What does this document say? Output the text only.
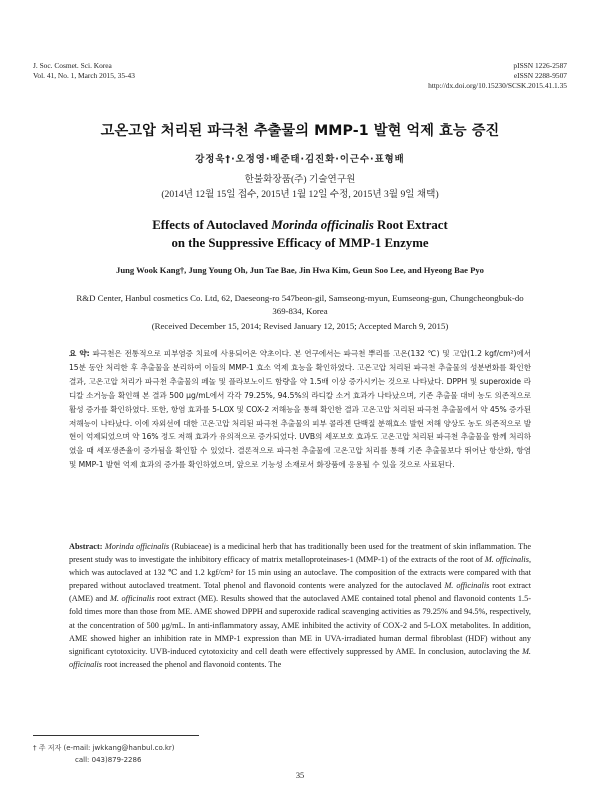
J. Soc. Cosmet. Sci. Korea
Vol. 41, No. 1, March 2015, 35-43
pISSN 1226-2587
eISSN 2288-9507
http://dx.doi.org/10.15230/SCSK.2015.41.1.35
고온고압 처리된 파극천 추출물의 MMP-1 발현 억제 효능 증진
강정욱†·오정영·배준태·김진화·이근수·표형배
한불화장품(주) 기술연구원
(2014년 12월 15일 접수, 2015년 1월 12일 수정, 2015년 3월 9일 채택)
Effects of Autoclaved Morinda officinalis Root Extract
on the Suppressive Efficacy of MMP-1 Enzyme
Jung Wook Kang†, Jung Young Oh, Jun Tae Bae, Jin Hwa Kim, Geun Soo Lee, and Hyeong Bae Pyo
R&D Center, Hanbul cosmetics Co. Ltd, 62, Daeseong-ro 547beon-gil, Samseong-myun, Eumseong-gun, Chungcheongbuk-do
369-834, Korea
(Received December 15, 2014; Revised January 12, 2015; Accepted March 9, 2015)
요 약: 파극천은 전통적으로 피부염증 치료에 사용되어온 약초이다. 본 연구에서는 파극천 뿌리를 고온(132 ℃) 및 고압(1.2 kgf/cm²)에서 15분 동안 처리한 후 추출물을 분리하여 이들의 MMP-1 효소 억제 효능을 확인하였다. 고온고압 처리된 파극천 추출물의 성분변화를 확인한 결과, 고온고압 처리가 파극천 추출물의 페놀 및 플라보노이드 함량을 약 1.5배 이상 증가시키는 것으로 나타났다. DPPH 및 superoxide 라디칼 소거능을 확인해 본 결과 500 μg/mL에서 각각 79.25%, 94.5%의 라디칼 소거 효과가 나타났으며, 기존 추출물 대비 농도 의존적으로 활성 증가를 확인하였다. 또한, 항염 효과를 5-LOX 및 COX-2 저해능을 통해 확인한 결과 고온고압 처리된 파극천 추출물에서 약 45% 증가된 저해능이 나타났다. 이에 자외선에 대한 고온고압 처리된 파극천 추출물의 피부 콜라겐 단백질 분해효소 발현 저해 양상도 농도 의존적으로 발현이 억제되었으며 약 16% 정도 저해 효과가 유의적으로 증가되었다. UVB의 세포보호 효과도 고온고압 처리된 파극천 추출물을 함께 처리하였을 때 세포생존율이 증가됨을 확인할 수 있었다. 결론적으로 파극천 추출물에 고온고압 처리를 통해 기존 추출물보다 뛰어난 항산화, 항염 및 MMP-1 발현 억제 효과의 증가를 확인하였으며, 앞으로 기능성 소재로서 화장품에 응용될 수 있을 것으로 사료된다.
Abstract: Morinda officinalis (Rubiaceae) is a medicinal herb that has traditionally been used for the treatment of skin inflammation. The present study was to investigate the inhibitory efficacy of matrix metalloproteinases-1 (MMP-1) of the extracts of the root of M. officinalis, which was autoclaved at 132 ℃ and 1.2 kgf/cm² for 15 min using an autoclave. The composition of the extracts were compared with that prepared without autoclaved treatment. Total phenol and flavonoid contents were analyzed for the autoclaved M. officinalis root extract (AME) and M. officinalis root extract (ME). Results showed that the autoclaved AME contained total phenol and flavonoid contents 1.5-fold times more than those from ME. AME showed DPPH and superoxide radical scavenging activities as 79.25% and 94.5%, respectively, at the concentration of 500 μg/mL. In anti-inflammatory assay, AME inhibited the activity of COX-2 and 5-LOX metabolites. In addition, AME showed higher an inhibition rate in MMP-1 expression than ME in UVA-irradiated human dermal fibroblast (HDF) without any significant cytotoxicity. UVB-induced cytotoxicity and cell death were effectively suppressed by AME. In conclusion, autoclaving the M. officinalis root increased the phenol and flavonoid contents. The
† 주 저자 (e-mail: jwkkang@hanbul.co.kr)
call: 043)879-2286
35
